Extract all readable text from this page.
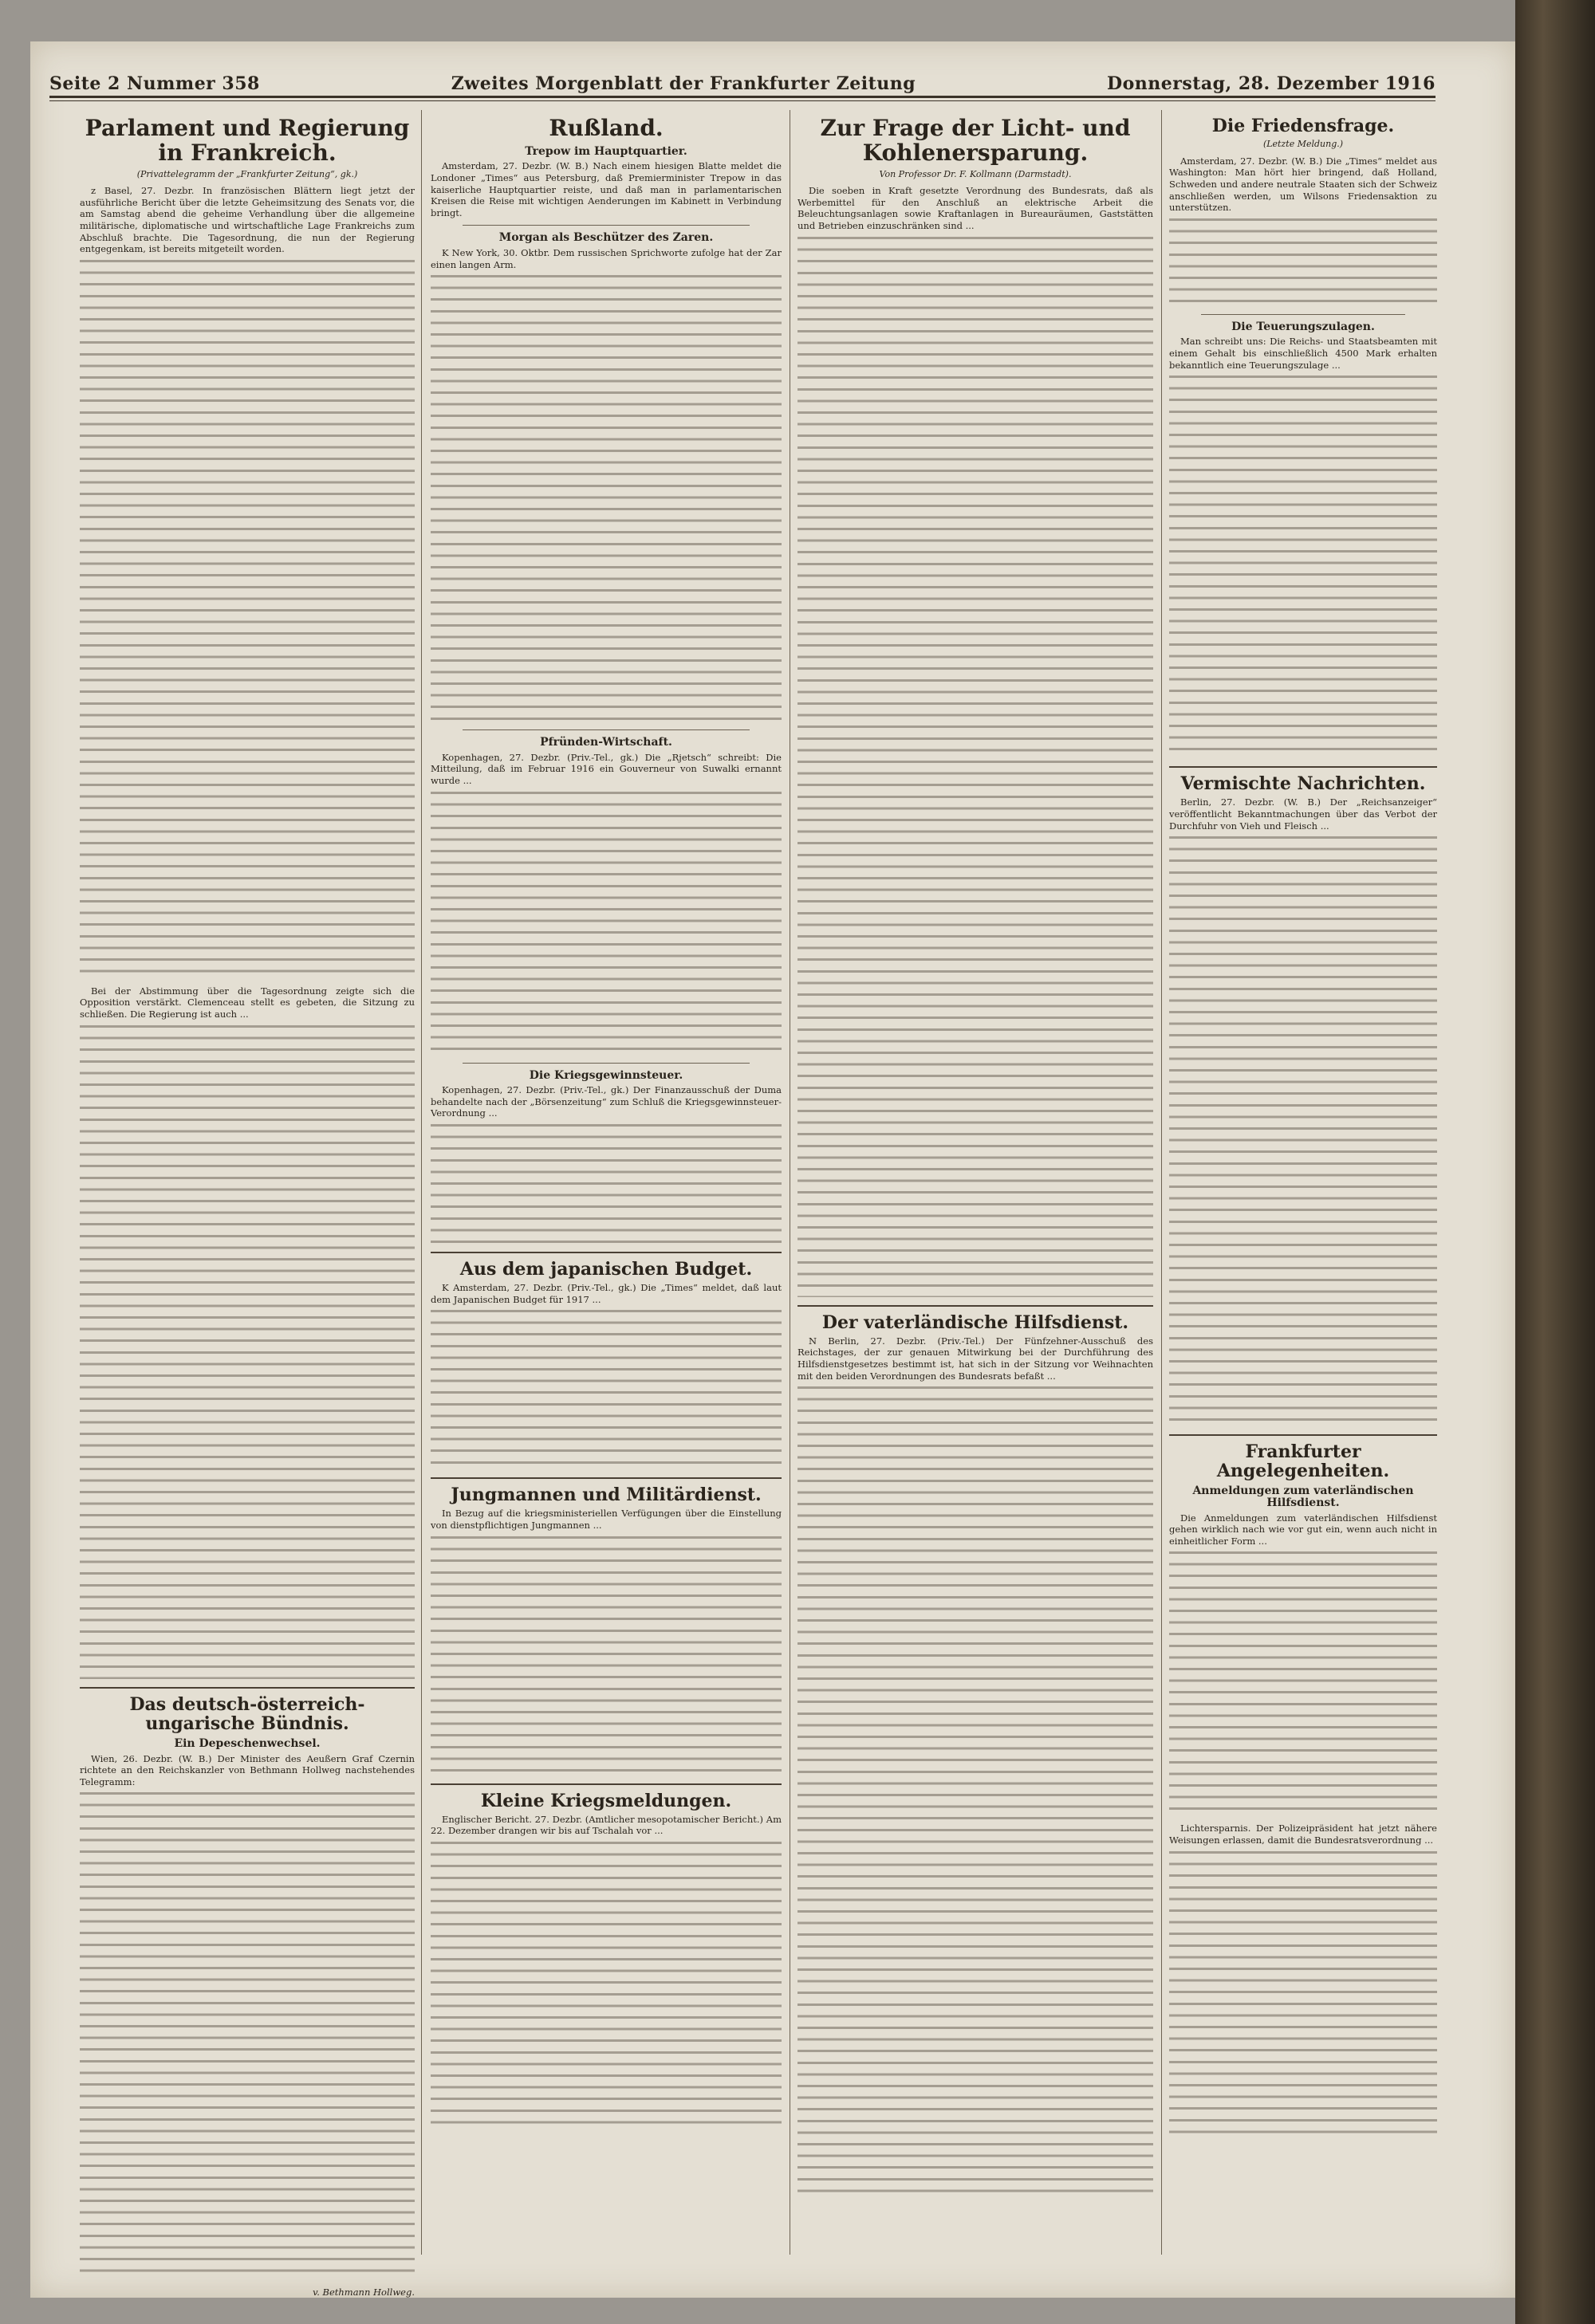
Seite 2 Nummer 358	Zweites Morgenblatt der Frankfurter Zeitung	Donnerstag, 28. Dezember 1916
Parlament und Regierung in Frankreich.
(Privattelegramm der „Frankfurter Zeitung“, gk.)

z Basel, 27. Dezbr. In französischen Blättern liegt jetzt der ausführliche Bericht über die letzte Geheimsitzung des Senats vor, die am Samstag abend die geheime Verhandlung über die allgemeine militärische, diplomatische und wirtschaftliche Lage Frankreichs zum Abschluß brachte. Die Tagesordnung, die nun der Regierung entgegenkam, ist bereits mitgeteilt worden.

Bei der Abstimmung über die Tagesordnung zeigte sich die Opposition verstärkt. Clemenceau stellt es gebeten, die Sitzung zu schließen. Die Regierung ist auch ...

Das deutsch-österreich-ungarische Bündnis.
Ein Depeschenwechsel.

Wien, 26. Dezbr. (W. B.) Der Minister des Aeußern Graf Czernin richtete an den Reichskanzler von Bethmann Hollweg nachstehendes Telegramm:

v. Bethmann Hollweg.
Rußland.
Trepow im Hauptquartier.

Amsterdam, 27. Dezbr. (W. B.) Nach einem hiesigen Blatte meldet die Londoner „Times“ aus Petersburg, daß Premierminister Trepow in das kaiserliche Hauptquartier reiste, und daß man in parlamentarischen Kreisen die Reise mit wichtigen Aenderungen im Kabinett in Verbindung bringt.

Morgan als Beschützer des Zaren.

K New York, 30. Oktbr. Dem russischen Sprichworte zufolge hat der Zar einen langen Arm.

Pfründen-Wirtschaft.

Kopenhagen, 27. Dezbr. (Priv.-Tel., gk.) Die „Rjetsch“ schreibt: Die Mitteilung, daß im Februar 1916 ein Gouverneur von Suwalki ernannt wurde ...

Die Kriegsgewinnsteuer.

Kopenhagen, 27. Dezbr. (Priv.-Tel., gk.) Der Finanzausschuß der Duma behandelte nach der „Börsenzeitung“ zum Schluß die Kriegsgewinnsteuer-Verordnung ...

Aus dem japanischen Budget.

K Amsterdam, 27. Dezbr. (Priv.-Tel., gk.) Die „Times“ meldet, daß laut dem Japanischen Budget für 1917 ...

Jungmannen und Militärdienst.

In Bezug auf die kriegsministeriellen Verfügungen über die Einstellung von dienstpflichtigen Jungmannen ...

Kleine Kriegsmeldungen.

Englischer Bericht. 27. Dezbr. (Amtlicher mesopotamischer Bericht.) Am 22. Dezember drangen wir bis auf Tschalah vor ...

Zur Frage der Licht- und Kohlenersparung.
Von Professor Dr. F. Kollmann (Darmstadt).

Die soeben in Kraft gesetzte Verordnung des Bundesrats, daß als Werbemittel für den Anschluß an elektrische Arbeit die Beleuchtungsanlagen sowie Kraftanlagen in Bureauräumen, Gaststätten und Betrieben einzuschränken sind ...

Der vaterländische Hilfsdienst.

N Berlin, 27. Dezbr. (Priv.-Tel.) Der Fünfzehner-Ausschuß des Reichstages, der zur genauen Mitwirkung bei der Durchführung des Hilfsdienstgesetzes bestimmt ist, hat sich in der Sitzung vor Weihnachten mit den beiden Verordnungen des Bundesrats befaßt ...

Die Friedensfrage.
(Letzte Meldung.)

Amsterdam, 27. Dezbr. (W. B.) Die „Times“ meldet aus Washington: Man hört hier bringend, daß Holland, Schweden und andere neutrale Staaten sich der Schweiz anschließen werden, um Wilsons Friedensaktion zu unterstützen.

Die Teuerungszulagen.

Man schreibt uns: Die Reichs- und Staatsbeamten mit einem Gehalt bis einschließlich 4500 Mark erhalten bekanntlich eine Teuerungszulage ...

Vermischte Nachrichten.

Berlin, 27. Dezbr. (W. B.) Der „Reichsanzeiger“ veröffentlicht Bekanntmachungen über das Verbot der Durchfuhr von Vieh und Fleisch ...

Frankfurter Angelegenheiten.
Anmeldungen zum vaterländischen Hilfsdienst.

Die Anmeldungen zum vaterländischen Hilfsdienst gehen wirklich nach wie vor gut ein, wenn auch nicht in einheitlicher Form ...

Lichtersparnis. Der Polizeipräsident hat jetzt nähere Weisungen erlassen, damit die Bundesratsverordnung ...
